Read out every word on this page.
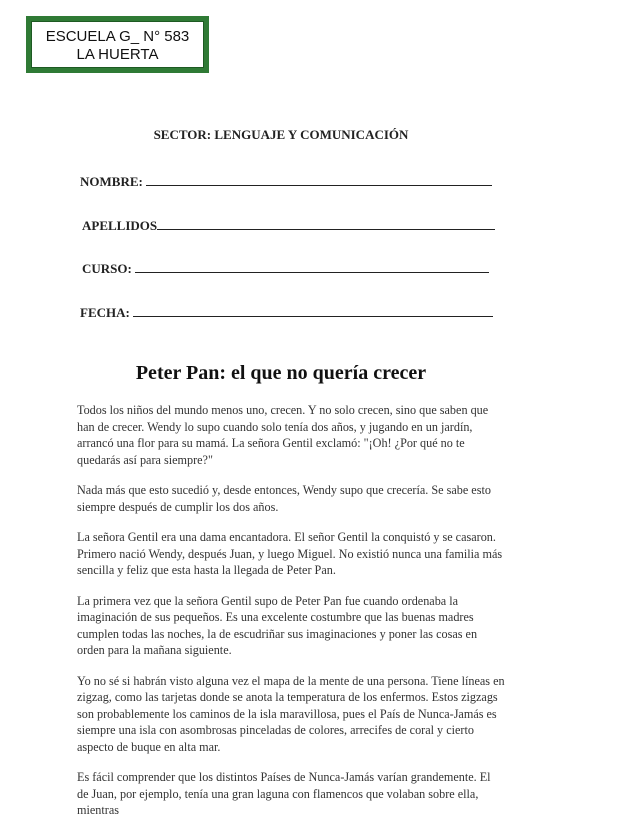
ESCUELA G_ N° 583
LA HUERTA
SECTOR: LENGUAJE Y COMUNICACIÓN
NOMBRE:
APELLIDOS
CURSO:
FECHA:
Peter Pan: el que no quería crecer

Todos los niños del mundo menos uno, crecen. Y no solo crecen, sino que saben que han de crecer. Wendy lo supo cuando solo tenía dos años, y jugando en un jardín, arrancó una flor para su mamá. La señora Gentil exclamó: "¡Oh! ¿Por qué no te quedarás así para siempre?"

Nada más que esto sucedió y, desde entonces, Wendy supo que crecería. Se sabe esto siempre después de cumplir los dos años.

La señora Gentil era una dama encantadora. El señor Gentil la conquistó y se casaron. Primero nació Wendy, después Juan, y luego Miguel. No existió nunca una familia más sencilla y feliz que esta hasta la llegada de Peter Pan.

La primera vez que la señora Gentil supo de Peter Pan fue cuando ordenaba la imaginación de sus pequeños. Es una excelente costumbre que las buenas madres cumplen todas las noches, la de escudriñar sus imaginaciones y poner las cosas en orden para la mañana siguiente.

Yo no sé si habrán visto alguna vez el mapa de la mente de una persona. Tiene líneas en zigzag, como las tarjetas donde se anota la temperatura de los enfermos. Estos zigzags son probablemente los caminos de la isla maravillosa, pues el País de Nunca-Jamás es siempre una isla con asombrosas pinceladas de colores, arrecifes de coral y cierto aspecto de buque en alta mar.

Es fácil comprender que los distintos Países de Nunca-Jamás varían grandemente. El de Juan, por ejemplo, tenía una gran laguna con flamencos que volaban sobre ella, mientras
